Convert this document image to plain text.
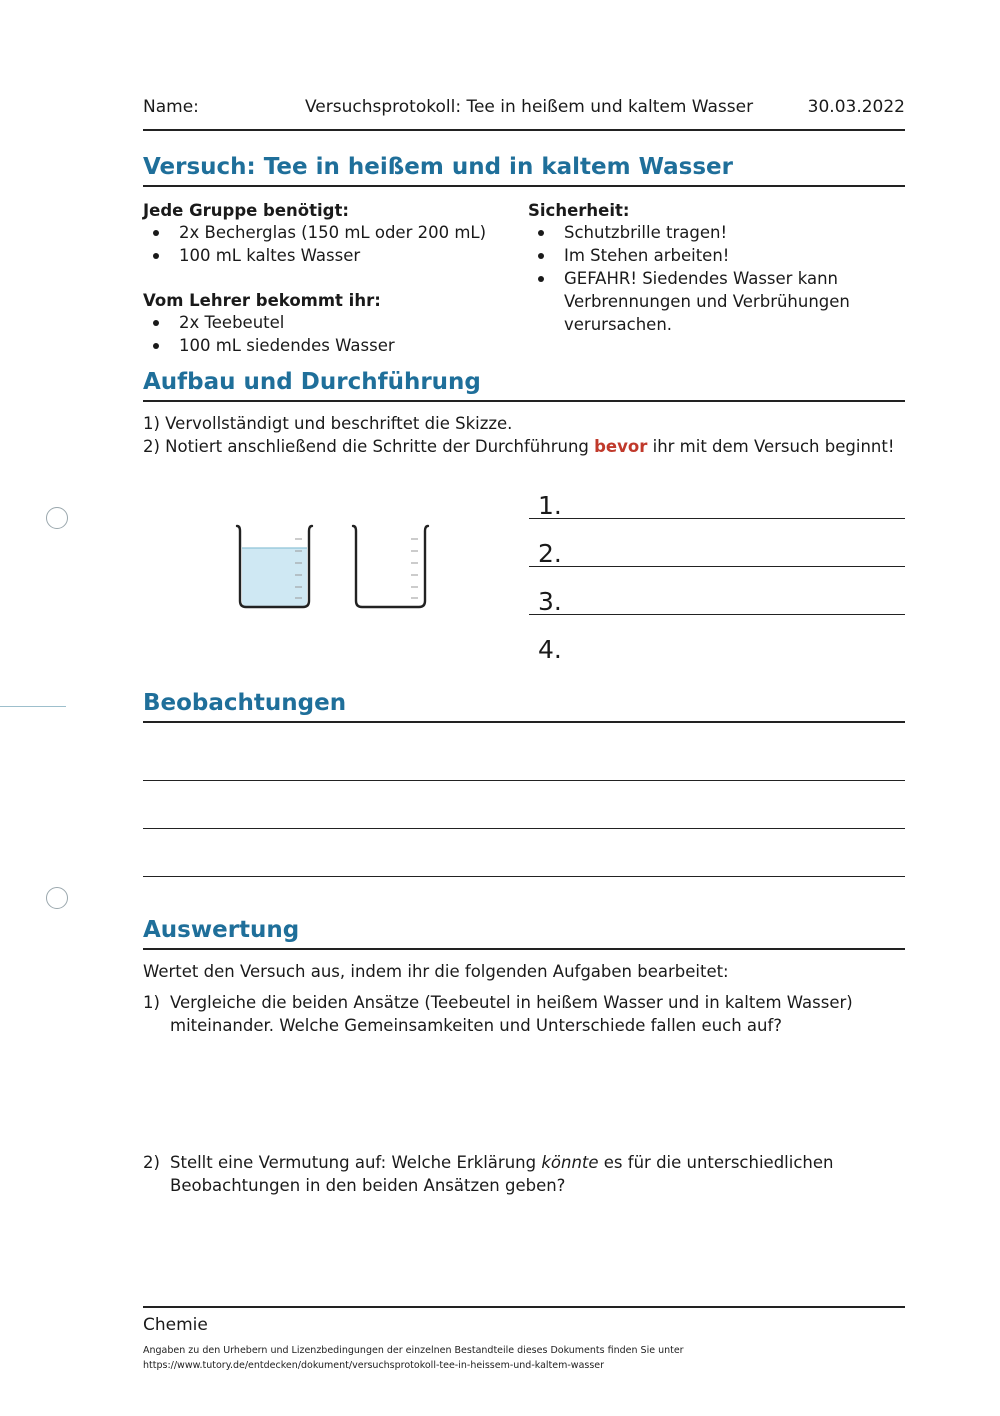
Name:	Versuchsprotokoll: Tee in heißem und kaltem Wasser	30.03.2022
Versuch: Tee in heißem und in kaltem Wasser
Jede Gruppe benötigt:
2x Becherglas (150 mL oder 200 mL)
100 mL kaltes Wasser
Vom Lehrer bekommt ihr:
2x Teebeutel
100 mL siedendes Wasser
Sicherheit:
Schutzbrille tragen!
Im Stehen arbeiten!
GEFAHR! Siedendes Wasser kann Verbrennungen und Verbrühungen verursachen.
Aufbau und Durchführung
1) Vervollständigt und beschriftet die Skizze.
2) Notiert anschließend die Schritte der Durchführung bevor ihr mit dem Versuch beginnt!
1.
2.
3.
4.
Beobachtungen
Auswertung
Wertet den Versuch aus, indem ihr die folgenden Aufgaben bearbeitet:
1) Vergleiche die beiden Ansätze (Teebeutel in heißem Wasser und in kaltem Wasser) miteinander. Welche Gemeinsamkeiten und Unterschiede fallen euch auf?
2) Stellt eine Vermutung auf: Welche Erklärung könnte es für die unterschiedlichen Beobachtungen in den beiden Ansätzen geben?
Chemie
Angaben zu den Urhebern und Lizenzbedingungen der einzelnen Bestandteile dieses Dokuments finden Sie unter
https://www.tutory.de/entdecken/dokument/versuchsprotokoll-tee-in-heissem-und-kaltem-wasser
